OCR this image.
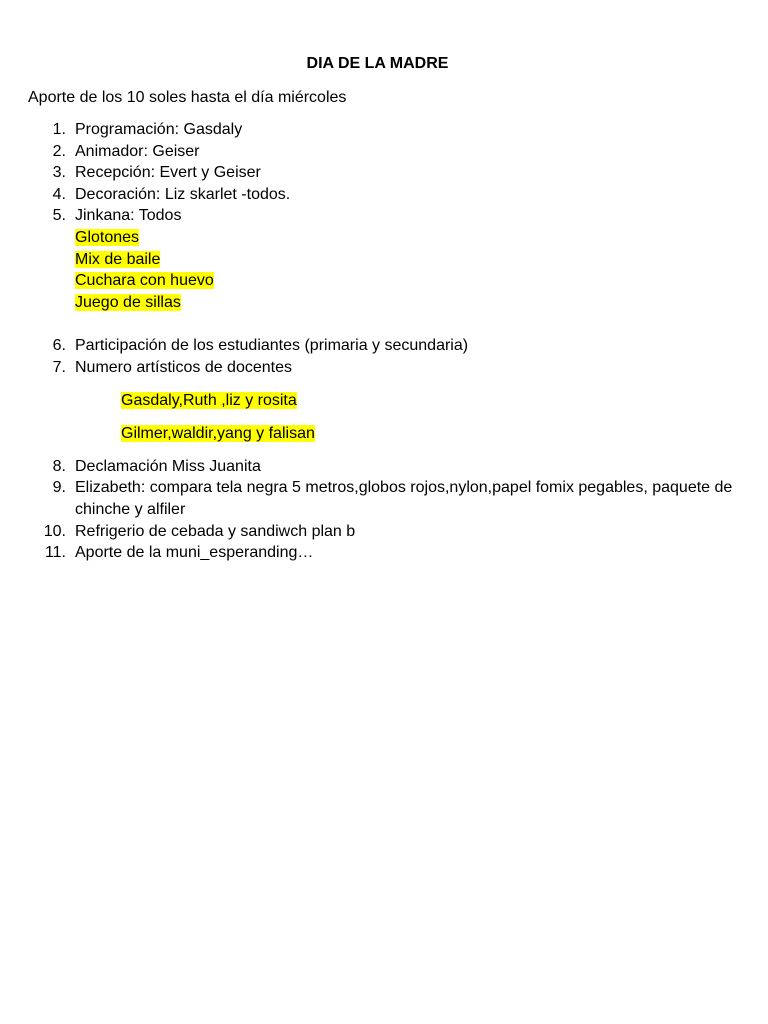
DIA DE LA MADRE
Aporte de los 10 soles hasta el día miércoles
1. Programación: Gasdaly
2. Animador: Geiser
3. Recepción: Evert y Geiser
4. Decoración: Liz skarlet -todos.
5. Jinkana: Todos
Glotones
Mix de baile
Cuchara con huevo
Juego de sillas
6. Participación de los estudiantes (primaria y secundaria)
7. Numero artísticos de docentes
Gasdaly,Ruth ,liz y rosita
Gilmer,waldir,yang y falisan
8. Declamación Miss Juanita
9. Elizabeth: compara tela negra 5 metros,globos rojos,nylon,papel fomix pegables, paquete de chinche y alfiler
10. Refrigerio de cebada y sandiwch plan b
11. Aporte de la muni_esperanding…
